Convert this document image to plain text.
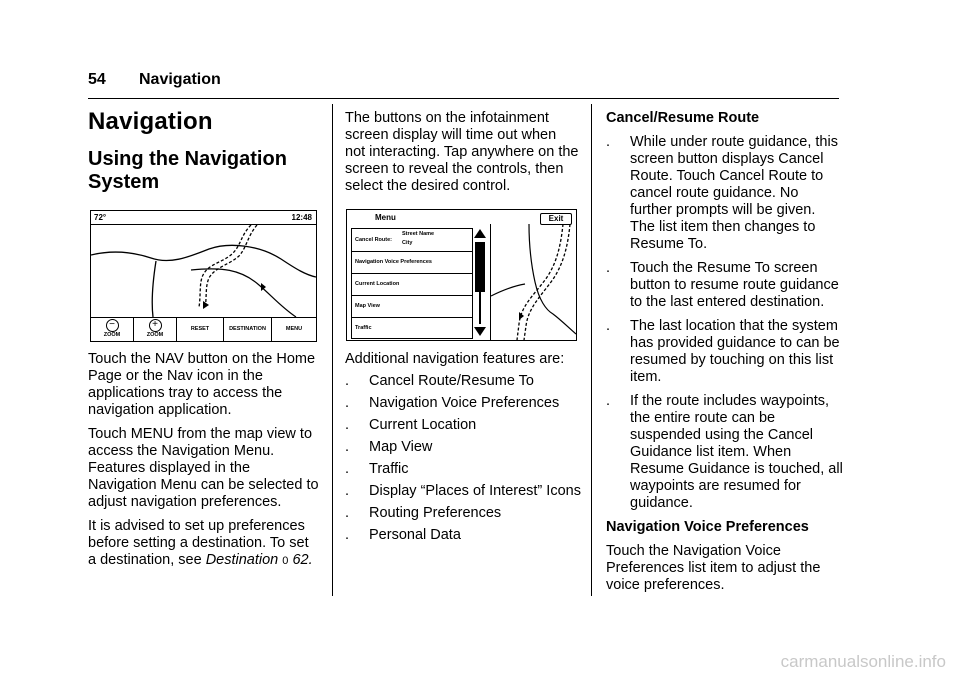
54 Navigation
Navigation
Using the Navigation System
72°	12:48
−
ZOOM
+
ZOOM
RESET	DESTINATION	MENU

Touch the NAV button on the Home Page or the Nav icon in the applications tray to access the navigation application.

Touch MENU from the map view to access the Navigation Menu. Features displayed in the Navigation Menu can be selected to adjust navigation preferences.

It is advised to set up preferences before setting a destination. To set a destination, see Destination 0 62.

The buttons on the infotainment screen display will time out when not interacting. Tap anywhere on the screen to reveal the controls, then select the desired control.
Menu	Exit
Cancel Route:
Street Name
City
Navigation Voice Preferences
Current Location
Map View
Traffic
Additional navigation features are:
. Cancel Route/Resume To
. Navigation Voice Preferences
. Current Location
. Map View
. Traffic
. Display “Places of Interest” Icons
. Routing Preferences
. Personal Data
Cancel/Resume Route
. While under route guidance, this screen button displays Cancel Route. Touch Cancel Route to cancel route guidance. No further prompts will be given. The list item then changes to Resume To.
. Touch the Resume To screen button to resume route guidance to the last entered destination.
. The last location that the system has provided guidance to can be resumed by touching on this list item.
. If the route includes waypoints, the entire route can be suspended using the Cancel Guidance list item. When Resume Guidance is touched, all waypoints are resumed for guidance.
Navigation Voice Preferences
Touch the Navigation Voice Preferences list item to adjust the voice preferences.
carmanualsonline.info
